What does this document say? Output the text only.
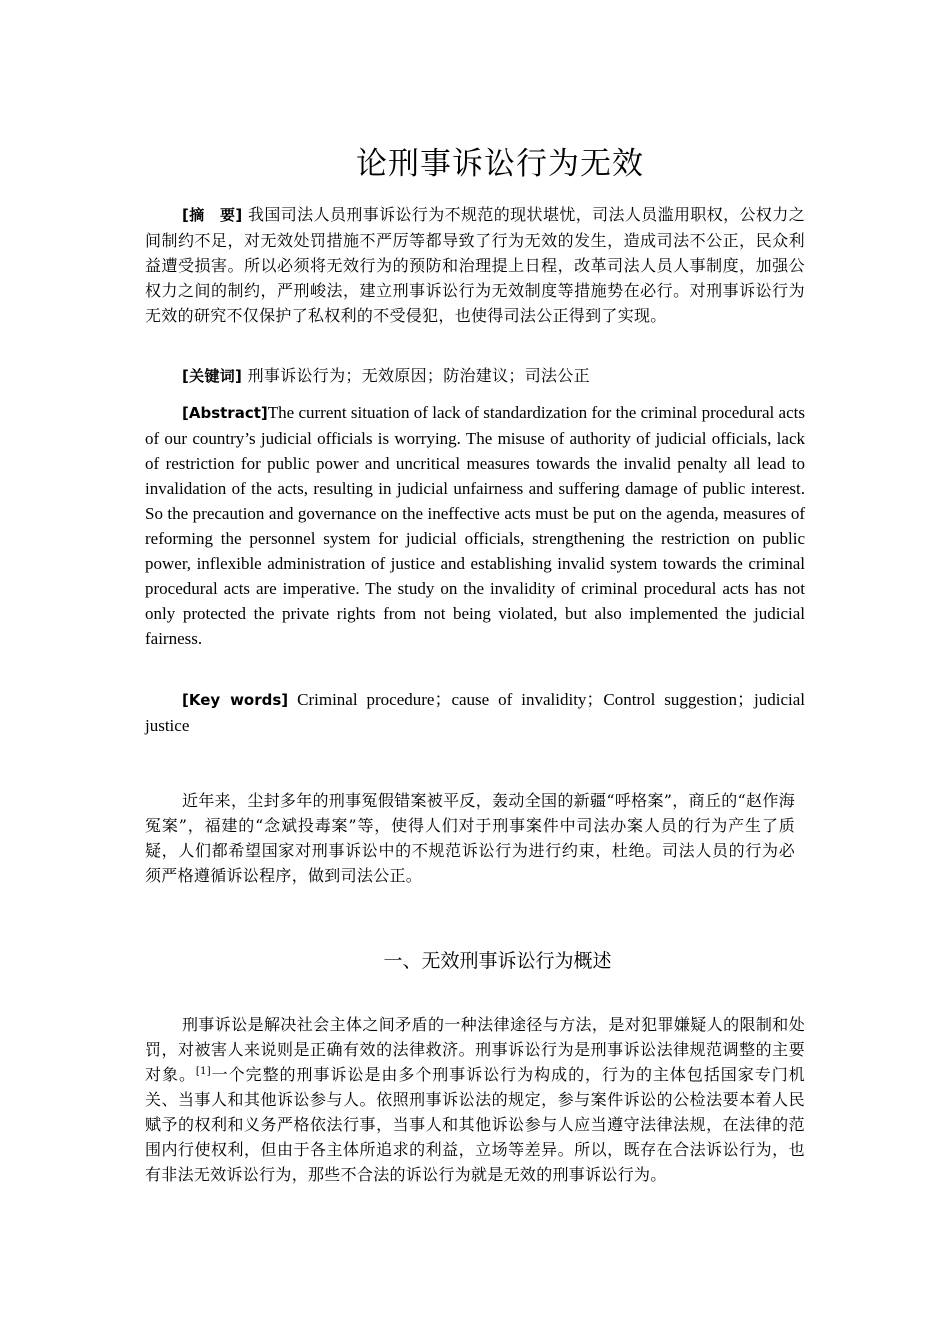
论刑事诉讼行为无效

[摘　要] 我国司法人员刑事诉讼行为不规范的现状堪忧，司法人员滥用职权，公权力之间制约不足，对无效处罚措施不严厉等都导致了行为无效的发生，造成司法不公正，民众利益遭受损害。所以必须将无效行为的预防和治理提上日程，改革司法人员人事制度，加强公权力之间的制约，严刑峻法，建立刑事诉讼行为无效制度等措施势在必行。对刑事诉讼行为无效的研究不仅保护了私权利的不受侵犯，也使得司法公正得到了实现。

[关键词] 刑事诉讼行为；无效原因；防治建议；司法公正

[Abstract]The current situation of lack of standardization for the criminal procedural acts of our country’s judicial officials is worrying. The misuse of authority of judicial officials, lack of restriction for public power and uncritical measures towards the invalid penalty all lead to invalidation of the acts, resulting in judicial unfairness and suffering damage of public interest. So the precaution and governance on the ineffective acts must be put on the agenda, measures of reforming the personnel system for judicial officials, strengthening the restriction on public power, inflexible administration of justice and establishing invalid system towards the criminal procedural acts are imperative. The study on the invalidity of criminal procedural acts has not only protected the private rights from not being violated, but also implemented the judicial fairness.

[Key words] Criminal procedure；cause of invalidity；Control suggestion；judicial justice

近年来，尘封多年的刑事冤假错案被平反，轰动全国的新疆“呼格案”，商丘的“赵作海冤案”，福建的“念斌投毒案”等，使得人们对于刑事案件中司法办案人员的行为产生了质疑，人们都希望国家对刑事诉讼中的不规范诉讼行为进行约束，杜绝。司法人员的行为必须严格遵循诉讼程序，做到司法公正。

一、无效刑事诉讼行为概述

刑事诉讼是解决社会主体之间矛盾的一种法律途径与方法，是对犯罪嫌疑人的限制和处罚，对被害人来说则是正确有效的法律救济。刑事诉讼行为是刑事诉讼法律规范调整的主要对象。[1]一个完整的刑事诉讼是由多个刑事诉讼行为构成的，行为的主体包括国家专门机关、当事人和其他诉讼参与人。依照刑事诉讼法的规定，参与案件诉讼的公检法要本着人民赋予的权利和义务严格依法行事，当事人和其他诉讼参与人应当遵守法律法规，在法律的范围内行使权利，但由于各主体所追求的利益，立场等差异。所以，既存在合法诉讼行为，也有非法无效诉讼行为，那些不合法的诉讼行为就是无效的刑事诉讼行为。
